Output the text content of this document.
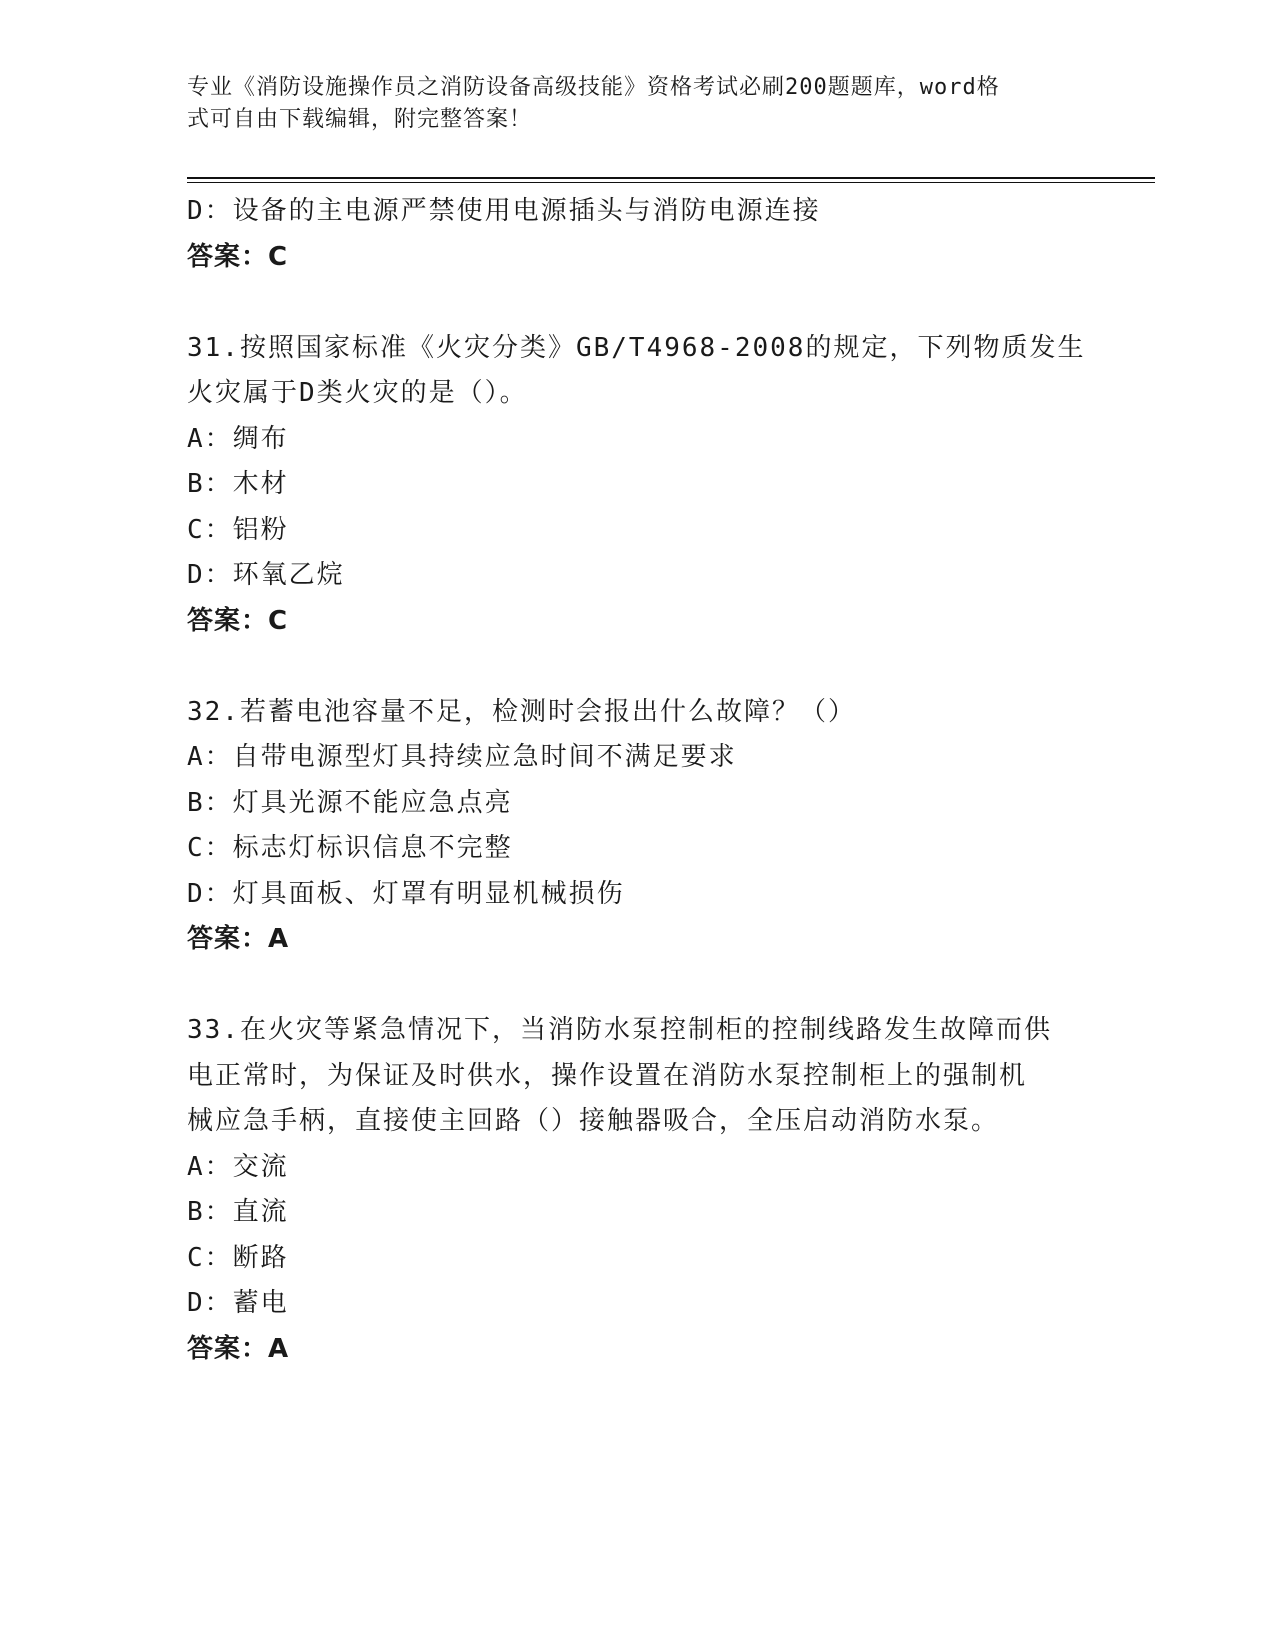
专业《消防设施操作员之消防设备高级技能》资格考试必刷200题题库，word格
式可自由下载编辑，附完整答案！
D：设备的主电源严禁使用电源插头与消防电源连接
答案：C
31.按照国家标准《火灾分类》GB/T4968-2008的规定，下列物质发生
火灾属于D类火灾的是（）。
A：绸布
B：木材
C：铝粉
D：环氧乙烷
答案：C
32.若蓄电池容量不足，检测时会报出什么故障？（）
A：自带电源型灯具持续应急时间不满足要求
B：灯具光源不能应急点亮
C：标志灯标识信息不完整
D：灯具面板、灯罩有明显机械损伤
答案：A
33.在火灾等紧急情况下，当消防水泵控制柜的控制线路发生故障而供
电正常时，为保证及时供水，操作设置在消防水泵控制柜上的强制机
械应急手柄，直接使主回路（）接触器吸合，全压启动消防水泵。
A：交流
B：直流
C：断路
D：蓄电
答案：A
